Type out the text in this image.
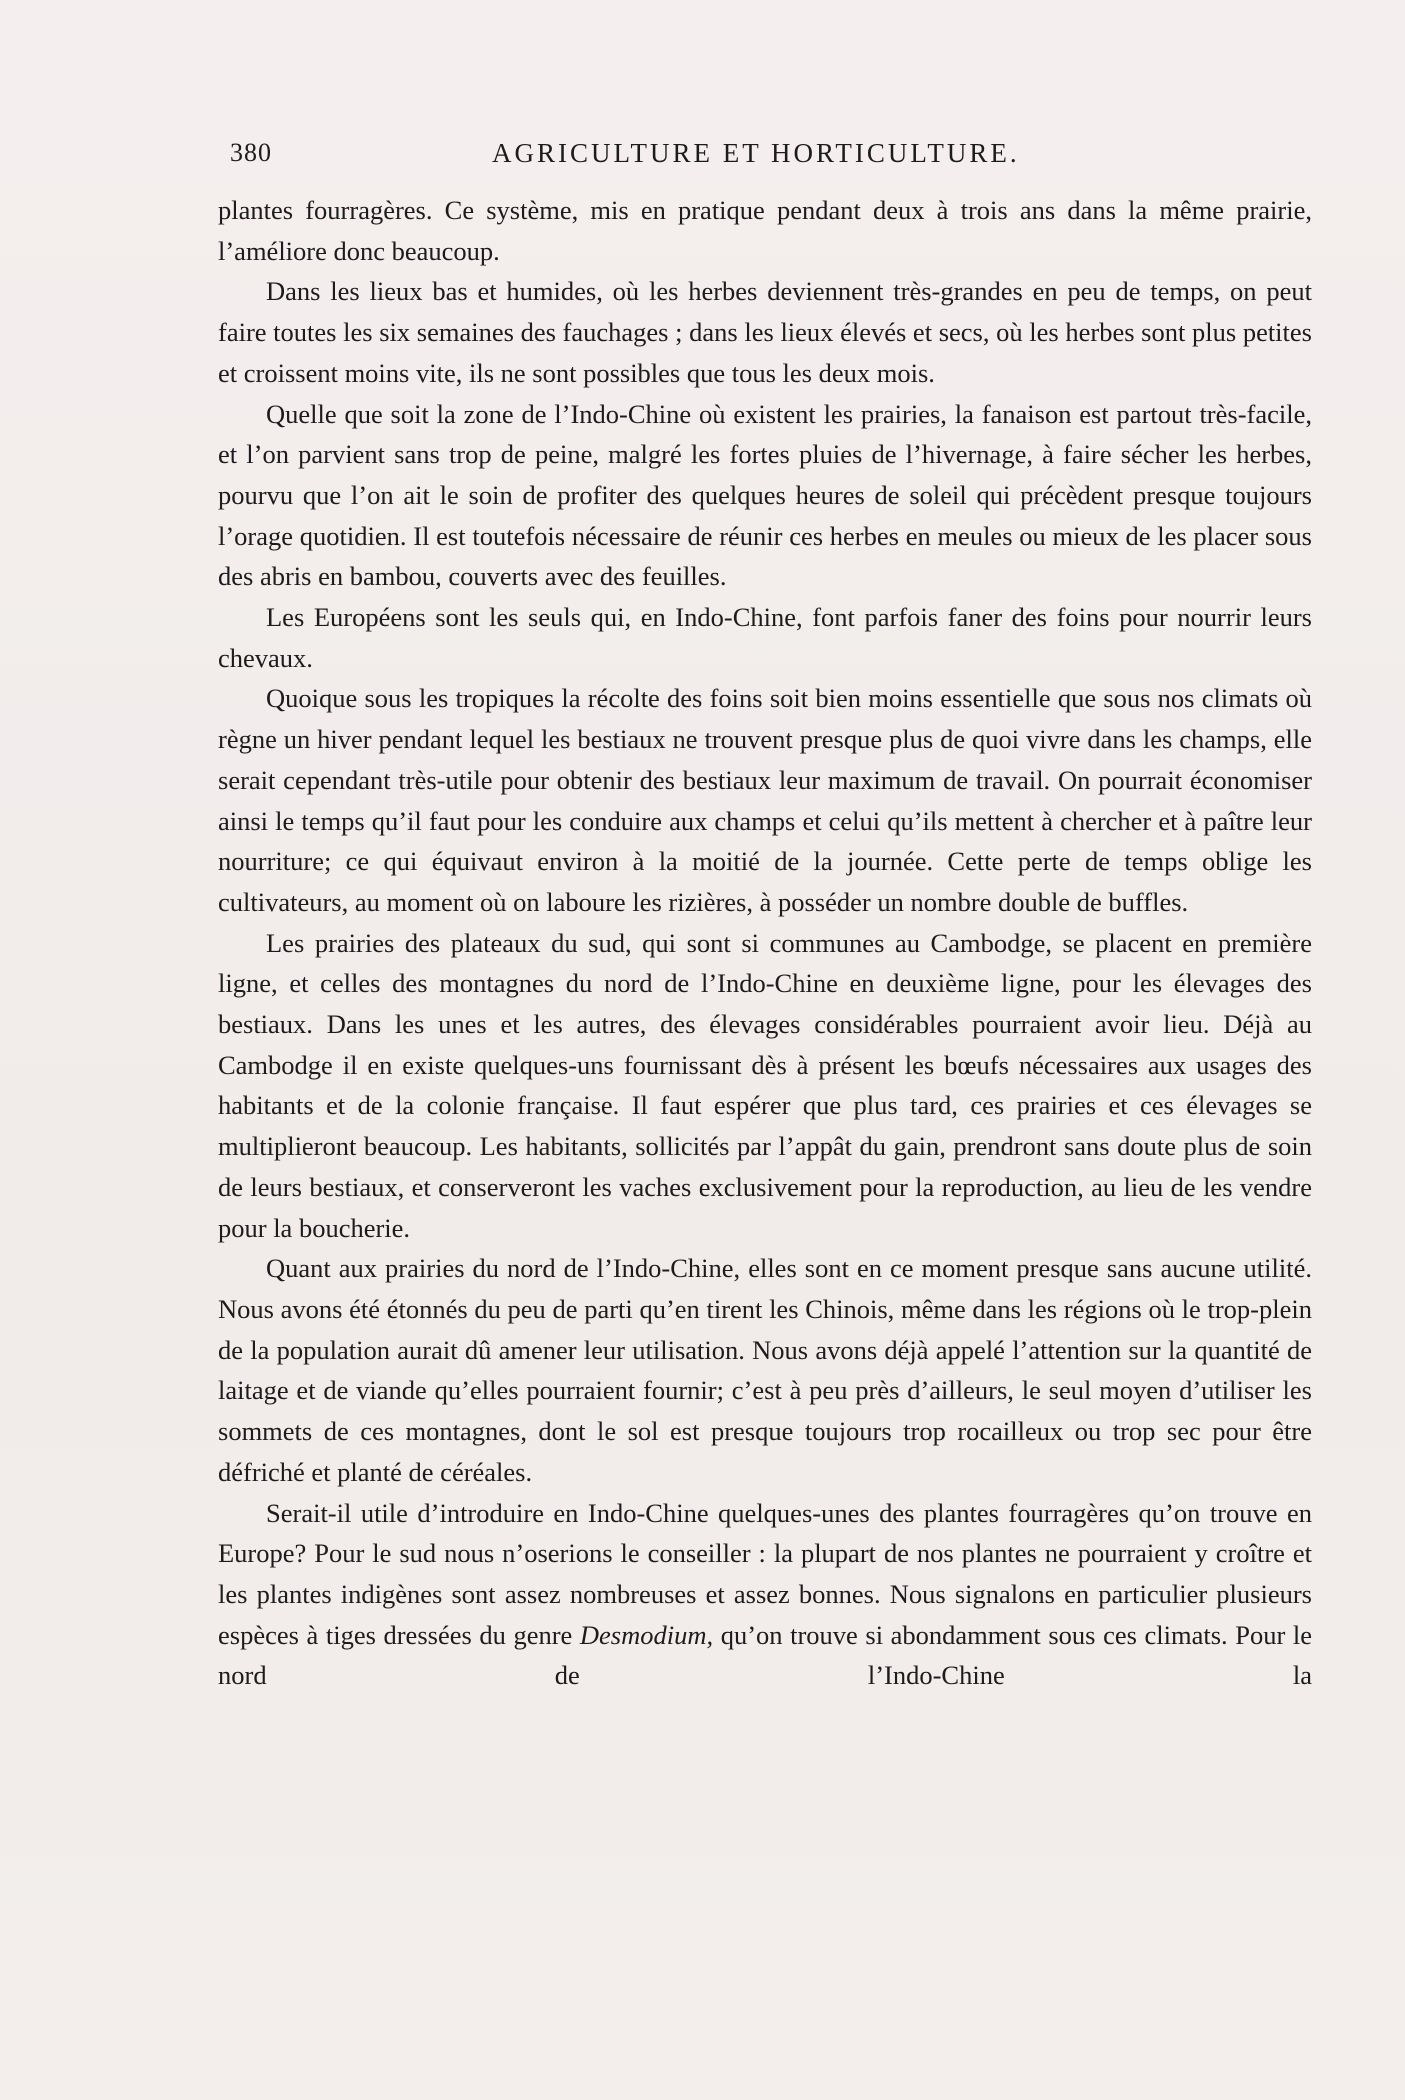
380	AGRICULTURE ET HORTICULTURE.

plantes fourragères. Ce système, mis en pratique pendant deux à trois ans dans la même prairie, l’améliore donc beaucoup.

Dans les lieux bas et humides, où les herbes deviennent très-grandes en peu de temps, on peut faire toutes les six semaines des fauchages ; dans les lieux élevés et secs, où les herbes sont plus petites et croissent moins vite, ils ne sont possibles que tous les deux mois.

Quelle que soit la zone de l’Indo-Chine où existent les prairies, la fanaison est partout très-facile, et l’on parvient sans trop de peine, malgré les fortes pluies de l’hivernage, à faire sécher les herbes, pourvu que l’on ait le soin de profiter des quelques heures de soleil qui précèdent presque toujours l’orage quotidien. Il est toutefois nécessaire de réunir ces herbes en meules ou mieux de les placer sous des abris en bambou, couverts avec des feuilles.

Les Européens sont les seuls qui, en Indo-Chine, font parfois faner des foins pour nourrir leurs chevaux.

Quoique sous les tropiques la récolte des foins soit bien moins essentielle que sous nos climats où règne un hiver pendant lequel les bestiaux ne trouvent presque plus de quoi vivre dans les champs, elle serait cependant très-utile pour obtenir des bestiaux leur maximum de travail. On pourrait économiser ainsi le temps qu’il faut pour les conduire aux champs et celui qu’ils mettent à chercher et à paître leur nourriture; ce qui équivaut environ à la moitié de la journée. Cette perte de temps oblige les cultivateurs, au moment où on laboure les rizières, à posséder un nombre double de buffles.

Les prairies des plateaux du sud, qui sont si communes au Cambodge, se placent en première ligne, et celles des montagnes du nord de l’Indo-Chine en deuxième ligne, pour les élevages des bestiaux. Dans les unes et les autres, des élevages considérables pourraient avoir lieu. Déjà au Cambodge il en existe quelques-uns fournissant dès à présent les bœufs nécessaires aux usages des habitants et de la colonie française. Il faut espérer que plus tard, ces prairies et ces élevages se multiplieront beaucoup. Les habitants, sollicités par l’appât du gain, prendront sans doute plus de soin de leurs bestiaux, et conserveront les vaches exclusivement pour la reproduction, au lieu de les vendre pour la boucherie.

Quant aux prairies du nord de l’Indo-Chine, elles sont en ce moment presque sans aucune utilité. Nous avons été étonnés du peu de parti qu’en tirent les Chinois, même dans les régions où le trop-plein de la population aurait dû amener leur utilisation. Nous avons déjà appelé l’attention sur la quantité de laitage et de viande qu’elles pourraient fournir; c’est à peu près d’ailleurs, le seul moyen d’utiliser les sommets de ces montagnes, dont le sol est presque toujours trop rocailleux ou trop sec pour être défriché et planté de céréales.

Serait-il utile d’introduire en Indo-Chine quelques-unes des plantes fourragères qu’on trouve en Europe? Pour le sud nous n’oserions le conseiller : la plupart de nos plantes ne pourraient y croître et les plantes indigènes sont assez nombreuses et assez bonnes. Nous signalons en particulier plusieurs espèces à tiges dressées du genre Desmodium, qu’on trouve si abondamment sous ces climats. Pour le nord de l’Indo-Chine la
